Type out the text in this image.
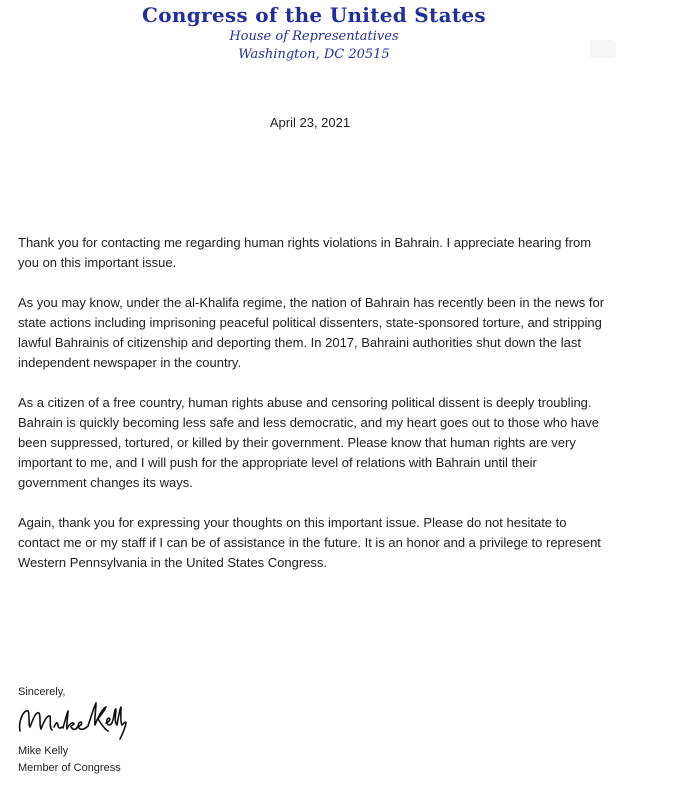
Congress of the United States
House of Representatives
Washington, DC 20515
April 23, 2021

Thank you for contacting me regarding human rights violations in Bahrain. I appreciate hearing from you on this important issue.

As you may know, under the al-Khalifa regime, the nation of Bahrain has recently been in the news for state actions including imprisoning peaceful political dissenters, state-sponsored torture, and stripping lawful Bahrainis of citizenship and deporting them. In 2017, Bahraini authorities shut down the last independent newspaper in the country.

As a citizen of a free country, human rights abuse and censoring political dissent is deeply troubling. Bahrain is quickly becoming less safe and less democratic, and my heart goes out to those who have been suppressed, tortured, or killed by their government. Please know that human rights are very important to me, and I will push for the appropriate level of relations with Bahrain until their government changes its ways.

Again, thank you for expressing your thoughts on this important issue. Please do not hesitate to contact me or my staff if I can be of assistance in the future. It is an honor and a privilege to represent Western Pennsylvania in the United States Congress.

Sincerely,
Mike Kelly
Member of Congress
